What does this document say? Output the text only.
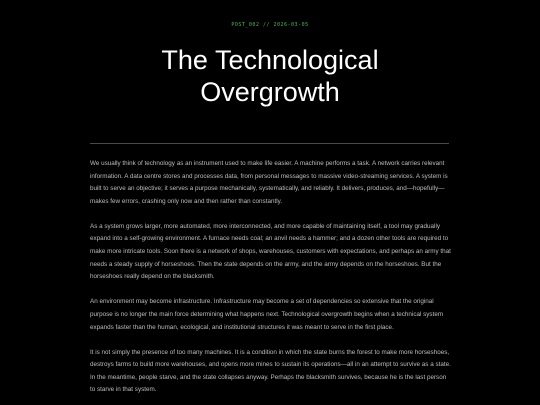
POST_002 // 2026-03-05
The Technological
Overgrowth

We usually think of technology as an instrument used to make life easier. A machine performs a task. A network carries relevant information. A data centre stores and processes data, from personal messages to massive video-streaming services. A system is built to serve an objective; it serves a purpose mechanically, systematically, and reliably. It delivers, produces, and—hopefully—makes few errors, crashing only now and then rather than constantly.

As a system grows larger, more automated, more interconnected, and more capable of maintaining itself, a tool may gradually expand into a self-growing environment. A furnace needs coal; an anvil needs a hammer; and a dozen other tools are required to make more intricate tools. Soon there is a network of shops, warehouses, customers with expectations, and perhaps an army that needs a steady supply of horseshoes. Then the state depends on the army, and the army depends on the horseshoes. But the horseshoes really depend on the blacksmith.

An environment may become infrastructure. Infrastructure may become a set of dependencies so extensive that the original purpose is no longer the main force determining what happens next. Technological overgrowth begins when a technical system expands faster than the human, ecological, and institutional structures it was meant to serve in the first place.

It is not simply the presence of too many machines. It is a condition in which the state burns the forest to make more horseshoes, destroys farms to build more warehouses, and opens more mines to sustain its operations—all in an attempt to survive as a state. In the meantime, people starve, and the state collapses anyway. Perhaps the blacksmith survives, because he is the last person to starve in that system.
